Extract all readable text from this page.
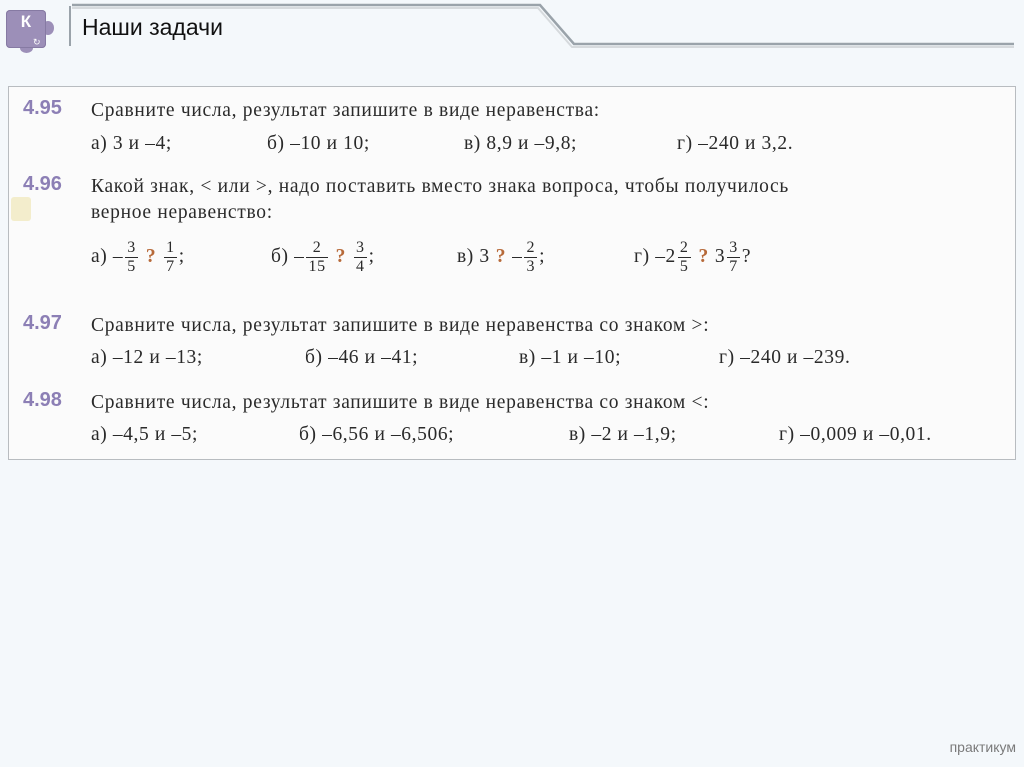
К
↻
Наши задачи
4.95 Сравните числа, результат запишите в виде неравенства:
а) 3 и –4;	б) –10 и 10;	в) 8,9 и –9,8;	г) –240 и 3,2.
4.96 Какой знак, < или >, надо поставить вместо знака вопроса, чтобы получилось
верное неравенство:
$а) - \frac{3}{5}$ ? $\frac{1}{7}$ ;	$б) - \frac{2}{15}$ ? $\frac{3}{4}$ ;	в) 3 ? – $\frac{2}{3}$ ;	г) $-2 \frac{2}{5}$ ? $3 \frac{3}{7}$ ?
4.97 Сравните числа, результат запишите в виде неравенства со знаком >:
а) –12 и –13;	б) –46 и –41;	в) –1 и –10;	г) –240 и –239.
4.98 Сравните числа, результат запишите в виде неравенства со знаком <:
а) –4,5 и –5;	б) –6,56 и –6,506;	в) –2 и –1,9;	г) –0,009 и –0,01.
практикум
